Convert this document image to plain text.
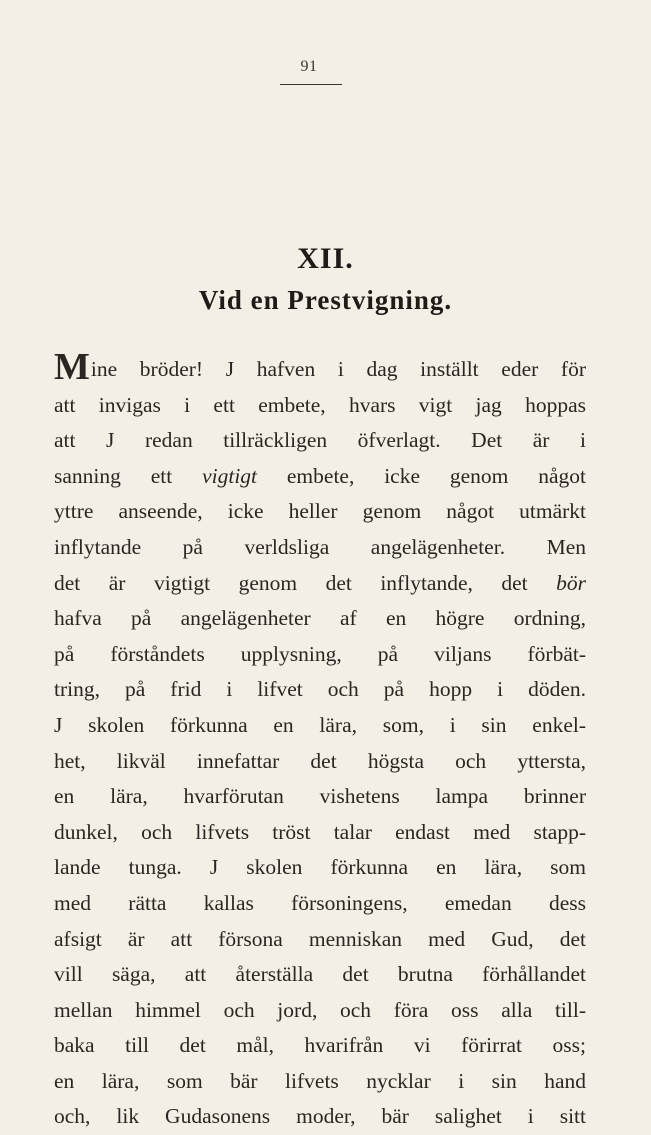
91
XII.
Vid en Prestvigning.
Mine bröder! J hafven i dag inställt eder för
att invigas i ett embete, hvars vigt jag hoppas
att J redan tillräckligen öfverlagt. Det är i
sanning ett vigtigt embete, icke genom något
yttre anseende, icke heller genom något utmärkt
inflytande på verldsliga angelägenheter. Men
det är vigtigt genom det inflytande, det bör
hafva på angelägenheter af en högre ordning,
på förståndets upplysning, på viljans förbät-
tring, på frid i lifvet och på hopp i döden.
J skolen förkunna en lära, som, i sin enkel-
het, likväl innefattar det högsta och yttersta,
en lära, hvarförutan vishetens lampa brinner
dunkel, och lifvets tröst talar endast med stapp-
lande tunga. J skolen förkunna en lära, som
med rätta kallas försoningens, emedan dess
afsigt är att försona menniskan med Gud, det
vill säga, att återställa det brutna förhållandet
mellan himmel och jord, och föra oss alla till-
baka till det mål, hvarifrån vi förirrat oss;
en lära, som bär lifvets nycklar i sin hand
och, lik Gudasonens moder, bär salighet i sitt
